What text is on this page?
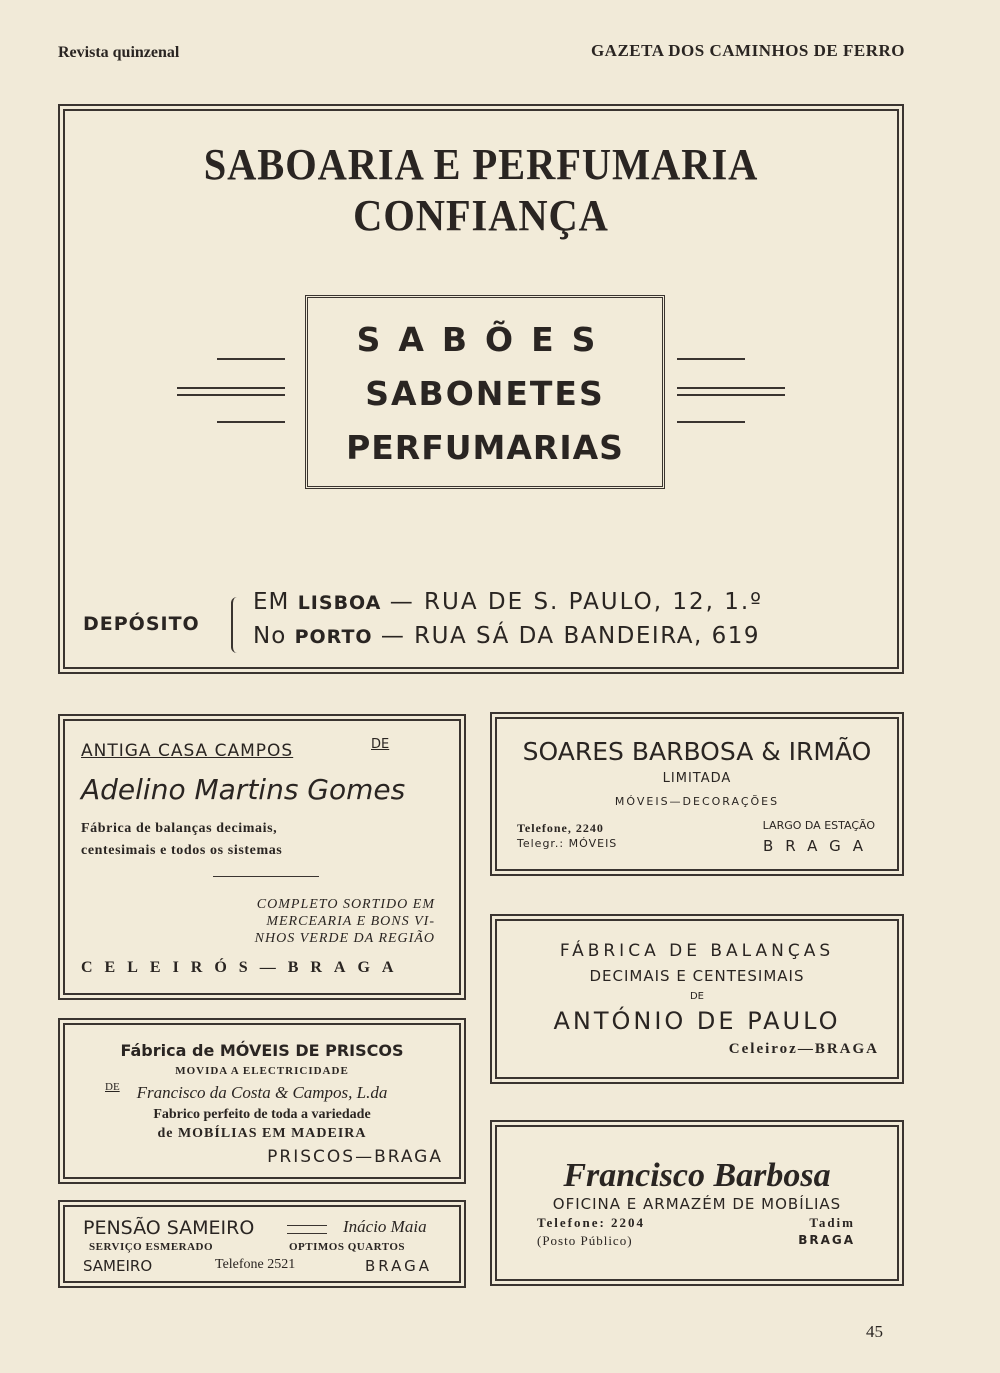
Revista quinzenal	GAZETA DOS CAMINHOS DE FERRO
SABOARIA E PERFUMARIA CONFIANÇA
SABÕES
SABONETES
PERFUMARIAS
DEPÓSITO
EM LISBOA — RUA DE S. PAULO, 12, 1.º
No PORTO — RUA SÁ DA BANDEIRA, 619
ANTIGA CASA CAMPOS	DE
Adelino Martins Gomes
Fábrica de balanças decimais,
centesimais e todos os sistemas
COMPLETO SORTIDO EM
MERCEARIA E BONS VI-
NHOS VERDE DA REGIÃO
CELEIRÓS—BRAGA
Fábrica de MÓVEIS DE PRISCOS
MOVIDA A ELECTRICIDADE
DE Francisco da Costa & Campos, L.da
Fabrico perfeito de toda a variedade
de MOBÍLIAS EM MADEIRA
PRISCOS—BRAGA
PENSÃO SAMEIRO	Inácio Maia
SERVIÇO ESMERADO	OPTIMOS QUARTOS
SAMEIRO	Telefone 2521	BRAGA
SOARES BARBOSA & IRMÃO
LIMITADA
MÓVEIS—DECORAÇÕES
Telefone, 2240
Telegr.: MÓVEIS
LARGO DA ESTAÇÃO
BRAGA
FÁBRICA DE BALANÇAS
DECIMAIS E CENTESIMAIS
DE
ANTÓNIO DE PAULO
Celeiroz—BRAGA
Francisco Barbosa
OFICINA E ARMAZÉM DE MOBÍLIAS
Telefone: 2204
(Posto Público)
Tadim
BRAGA
45
